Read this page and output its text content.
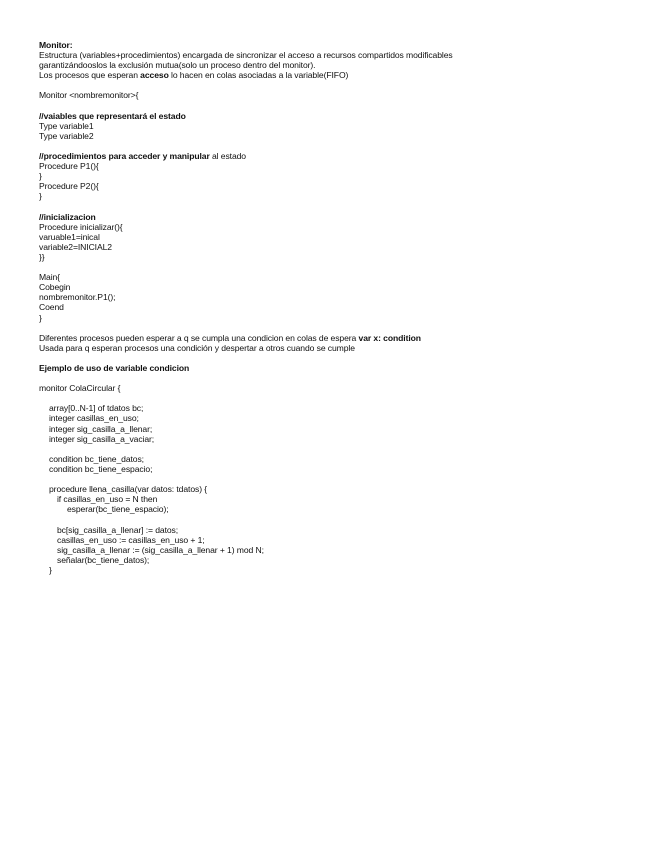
Monitor:
Estructura (variables+procedimientos) encargada de sincronizar el acceso a recursos compartidos modificables
garantizándooslos la exclusión mutua(solo un proceso dentro del monitor).
Los procesos que esperan acceso lo hacen en colas asociadas a la variable(FIFO)
Monitor <nombremonitor>{
//vaiables que representará el estado
Type variable1
Type variable2
//procedimientos para acceder y manipular al estado
Procedure P1(){
}
Procedure P2(){
}
//inicializacion
Procedure inicializar(){
varuable1=inical
variable2=INICIAL2
}}
Main{
Cobegin
nombremonitor.P1();
Coend
}
Diferentes procesos pueden esperar a q se cumpla una condicion en colas de espera var x: condition
Usada para q esperan procesos una condición y despertar a otros cuando se cumple
Ejemplo de uso de variable condicion
monitor ColaCircular {
array[0..N-1] of tdatos bc;
integer casillas_en_uso;
integer sig_casilla_a_llenar;
integer sig_casilla_a_vaciar;
condition bc_tiene_datos;
condition bc_tiene_espacio;
procedure llena_casilla(var datos: tdatos) {
if casillas_en_uso = N then
esperar(bc_tiene_espacio);
bc[sig_casilla_a_llenar] := datos;
casillas_en_uso := casillas_en_uso + 1;
sig_casilla_a_llenar := (sig_casilla_a_llenar + 1) mod N;
señalar(bc_tiene_datos);
}
